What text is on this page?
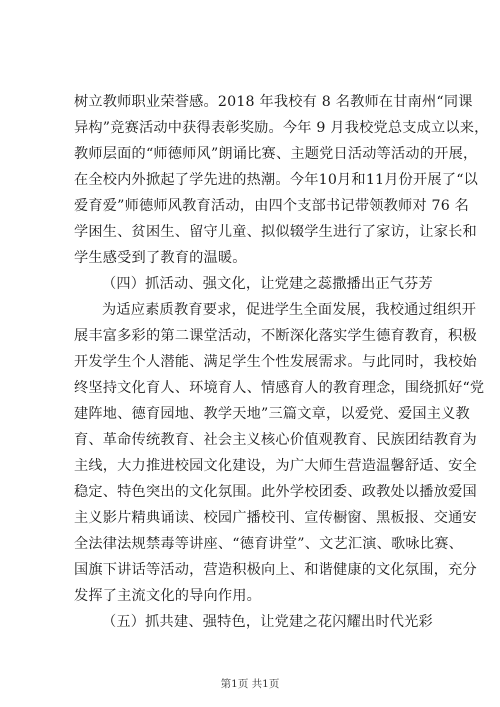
树立教师职业荣誉感。2018 年我校有 8 名教师在甘南州“同课
异构”竞赛活动中获得表彰奖励。今年 9 月我校党总支成立以来，
教师层面的“师德师风”朗诵比赛、主题党日活动等活动的开展，
在全校内外掀起了学先进的热潮。今年10月和11月份开展了“以
爱育爱”师德师风教育活动，由四个支部书记带领教师对 76 名
学困生、贫困生、留守儿童、拟似辍学生进行了家访，让家长和
学生感受到了教育的温暖。
（四）抓活动、强文化，让党建之蕊撒播出正气芬芳
为适应素质教育要求，促进学生全面发展，我校通过组织开
展丰富多彩的第二课堂活动，不断深化落实学生德育教育，积极
开发学生个人潜能、满足学生个性发展需求。与此同时，我校始
终坚持文化育人、环境育人、情感育人的教育理念，围绕抓好“党
建阵地、德育园地、教学天地”三篇文章，以爱党、爱国主义教
育、革命传统教育、社会主义核心价值观教育、民族团结教育为
主线，大力推进校园文化建设，为广大师生营造温馨舒适、安全
稳定、特色突出的文化氛围。此外学校团委、政教处以播放爱国
主义影片精典诵读、校园广播校刊、宣传橱窗、黑板报、交通安
全法律法规禁毒等讲座、“德育讲堂”、文艺汇演、歌咏比赛、
国旗下讲话等活动，营造积极向上、和谐健康的文化氛围，充分
发挥了主流文化的导向作用。
（五）抓共建、强特色，让党建之花闪耀出时代光彩
第1页 共1页
